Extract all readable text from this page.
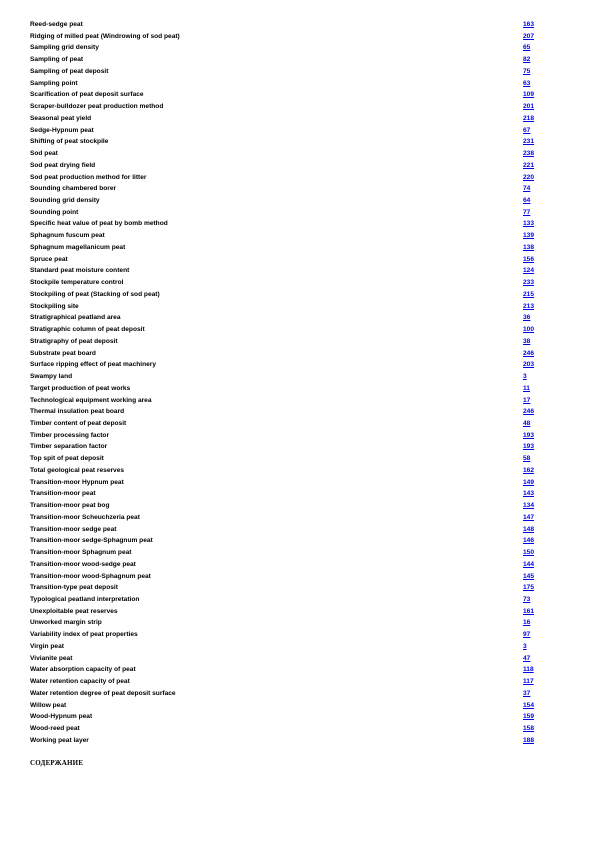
Reed-sedge peat	163
Ridging of milled peat (Windrowing of sod peat)	207
Sampling grid density	65
Sampling of peat	82
Sampling of peat deposit	75
Sampling point	63
Scarification of peat deposit surface	109
Scraper-bulldozer peat production method	201
Seasonal peat yield	218
Sedge-Hypnum peat	67
Shifting of peat stockpile	231
Sod peat	238
Sod peat drying field	221
Sod peat production method for litter	220
Sounding chambered borer	74
Sounding grid density	64
Sounding point	77
Specific heat value of peat by bomb method	133
Sphagnum fuscum peat	139
Sphagnum magellanicum peat	138
Spruce peat	156
Standard peat moisture content	124
Stockpile temperature control	233
Stockpiling of peat (Stacking of sod peat)	215
Stockpiling site	213
Stratigraphical peatland area	36
Stratigraphic column of peat deposit	100
Stratigraphy of peat deposit	38
Substrate peat board	246
Surface ripping effect of peat machinery	203
Swampy land	3
Target production of peat works	11
Technological equipment working area	17
Thermal insulation peat board	246
Timber content of peat deposit	48
Timber processing factor	193
Timber separation factor	193
Top spit of peat deposit	58
Total geological peat reserves	162
Transition-moor Hypnum peat	149
Transition-moor peat	143
Transition-moor peat bog	134
Transition-moor Scheuchzeria peat	147
Transition-moor sedge peat	148
Transition-moor sedge-Sphagnum peat	146
Transition-moor Sphagnum peat	150
Transition-moor wood-sedge peat	144
Transition-moor wood-Sphagnum peat	145
Transition-type peat deposit	175
Typological peatland interpretation	73
Unexploitable peat reserves	161
Unworked margin strip	16
Variability index of peat properties	97
Virgin peat	3
Vivianite peat	47
Water absorption capacity of peat	118
Water retention capacity of peat	117
Water retention degree of peat deposit surface	37
Willow peat	154
Wood-Hypnum peat	159
Wood-reed peat	158
Working peat layer	188
СОДЕРЖАНИЕ
